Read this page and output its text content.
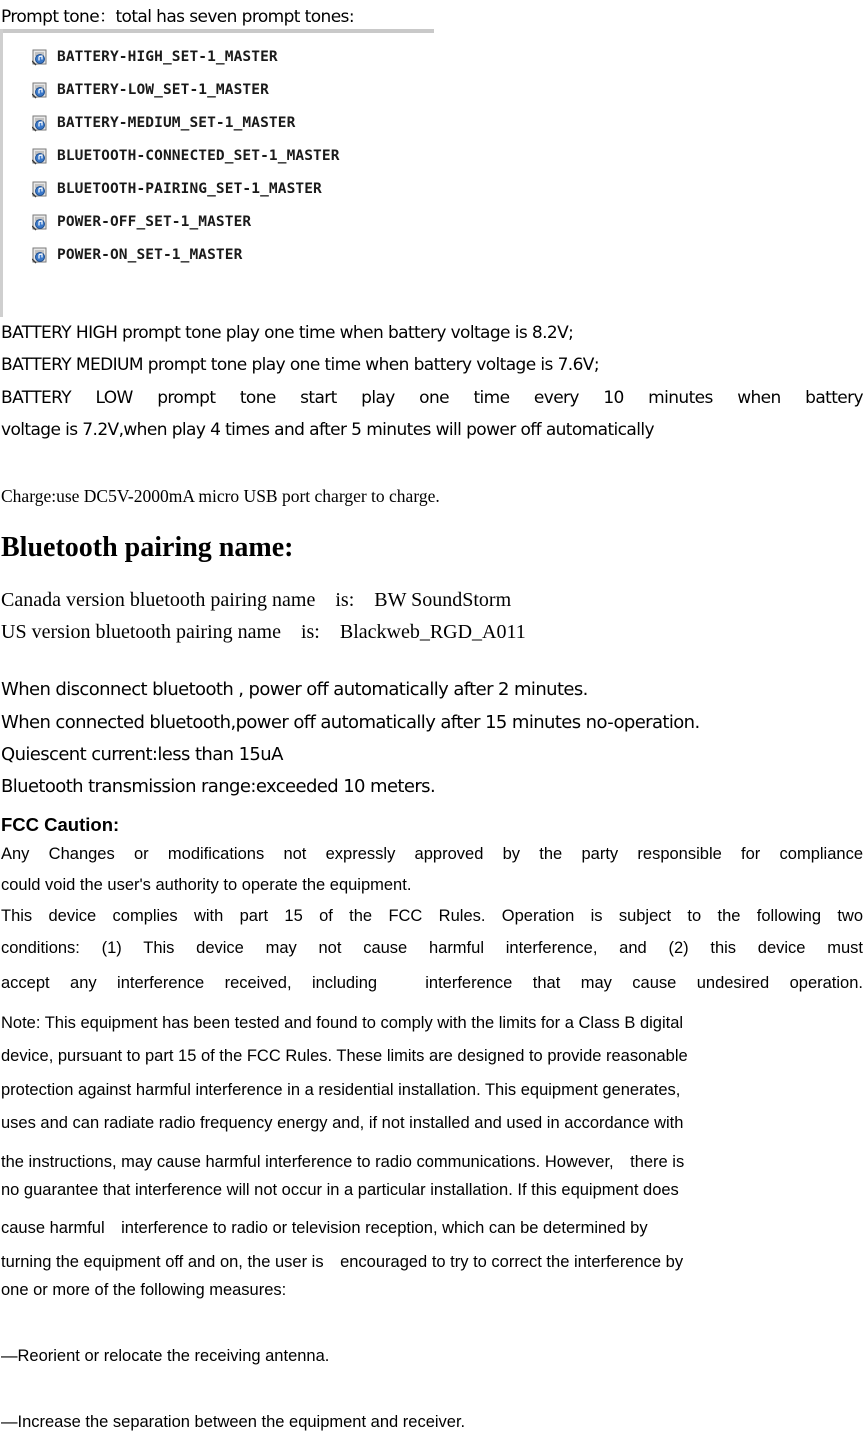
Prompt tone：total has seven prompt tones:
BATTERY-HIGH_SET-1_MASTER
BATTERY-LOW_SET-1_MASTER
BATTERY-MEDIUM_SET-1_MASTER
BLUETOOTH-CONNECTED_SET-1_MASTER
BLUETOOTH-PAIRING_SET-1_MASTER
POWER-OFF_SET-1_MASTER
POWER-ON_SET-1_MASTER
BATTERY HIGH prompt tone play one time when battery voltage is 8.2V;
BATTERY MEDIUM prompt tone play one time when battery voltage is 7.6V;
BATTERY LOW prompt tone start play one time every 10 minutes when battery
voltage is 7.2V,when play 4 times and after 5 minutes will power off automatically
Charge:use DC5V-2000mA micro USB port charger to charge.
Bluetooth pairing name:
Canada version bluetooth pairing name　is:　BW SoundStorm
US version bluetooth pairing name　is:　Blackweb_RGD_A011
When disconnect bluetooth , power off automatically after 2 minutes.
When connected bluetooth,power off automatically after 15 minutes no-operation.
Quiescent current:less than 15uA
Bluetooth transmission range:exceeded 10 meters.
FCC Caution:
Any Changes or modifications not expressly approved by the party responsible for compliance
could void the user's authority to operate the equipment.
This device complies with part 15 of the FCC Rules. Operation is subject to the following two
conditions: (1) This device may not cause harmful interference, and (2) this device must
accept any interference received, including　interference that may cause undesired operation.
Note: This equipment has been tested and found to comply with the limits for a Class B digital
device, pursuant to part 15 of the FCC Rules. These limits are designed to provide reasonable
protection against harmful interference in a residential installation. This equipment generates,
uses and can radiate radio frequency energy and, if not installed and used in accordance with
the instructions, may cause harmful interference to radio communications. However,　there is
no guarantee that interference will not occur in a particular installation. If this equipment does
cause harmful　interference to radio or television reception, which can be determined by
turning the equipment off and on, the user is　encouraged to try to correct the interference by
one or more of the following measures:
—Reorient or relocate the receiving antenna.
—Increase the separation between the equipment and receiver.
